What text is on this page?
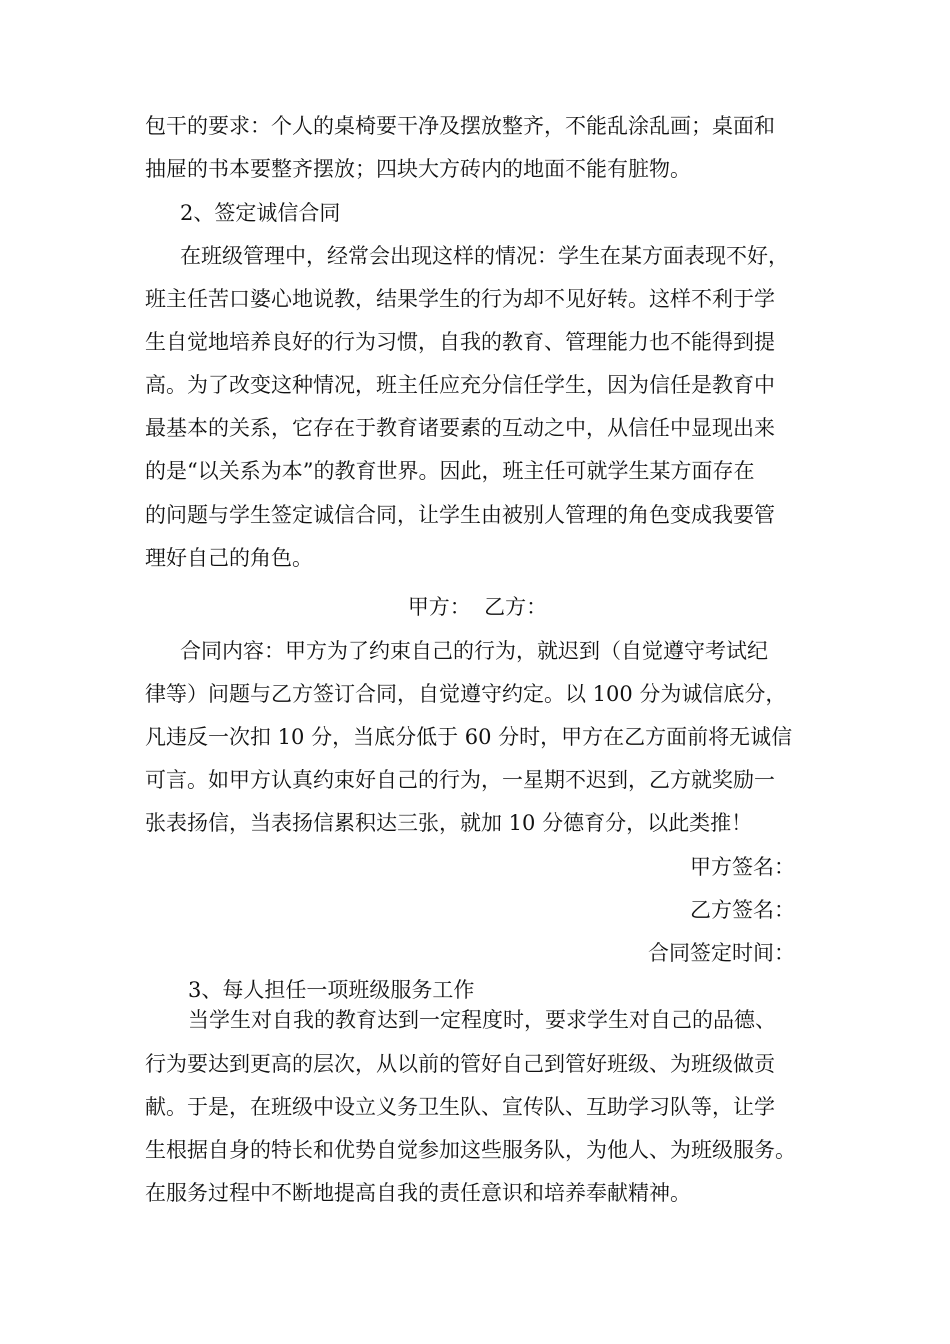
包干的要求：个人的桌椅要干净及摆放整齐，不能乱涂乱画；桌面和
抽屉的书本要整齐摆放；四块大方砖内的地面不能有脏物。
2、签定诚信合同
在班级管理中，经常会出现这样的情况：学生在某方面表现不好，
班主任苦口婆心地说教，结果学生的行为却不见好转。这样不利于学
生自觉地培养良好的行为习惯，自我的教育、管理能力也不能得到提
高。为了改变这种情况，班主任应充分信任学生，因为信任是教育中
最基本的关系，它存在于教育诸要素的互动之中，从信任中显现出来
的是“以关系为本”的教育世界。因此，班主任可就学生某方面存在
的问题与学生签定诚信合同，让学生由被别人管理的角色变成我要管
理好自己的角色。
甲方：  乙方：
合同内容：甲方为了约束自己的行为，就迟到（自觉遵守考试纪
律等）问题与乙方签订合同，自觉遵守约定。以 100 分为诚信底分，
凡违反一次扣 10 分，当底分低于 60 分时，甲方在乙方面前将无诚信
可言。如甲方认真约束好自己的行为，一星期不迟到，乙方就奖励一
张表扬信，当表扬信累积达三张，就加 10 分德育分，以此类推！
甲方签名：
乙方签名：
合同签定时间：
3、每人担任一项班级服务工作
当学生对自我的教育达到一定程度时，要求学生对自己的品德、
行为要达到更高的层次，从以前的管好自己到管好班级、为班级做贡
献。于是，在班级中设立义务卫生队、宣传队、互助学习队等，让学
生根据自身的特长和优势自觉参加这些服务队，为他人、为班级服务。
在服务过程中不断地提高自我的责任意识和培养奉献精神。
